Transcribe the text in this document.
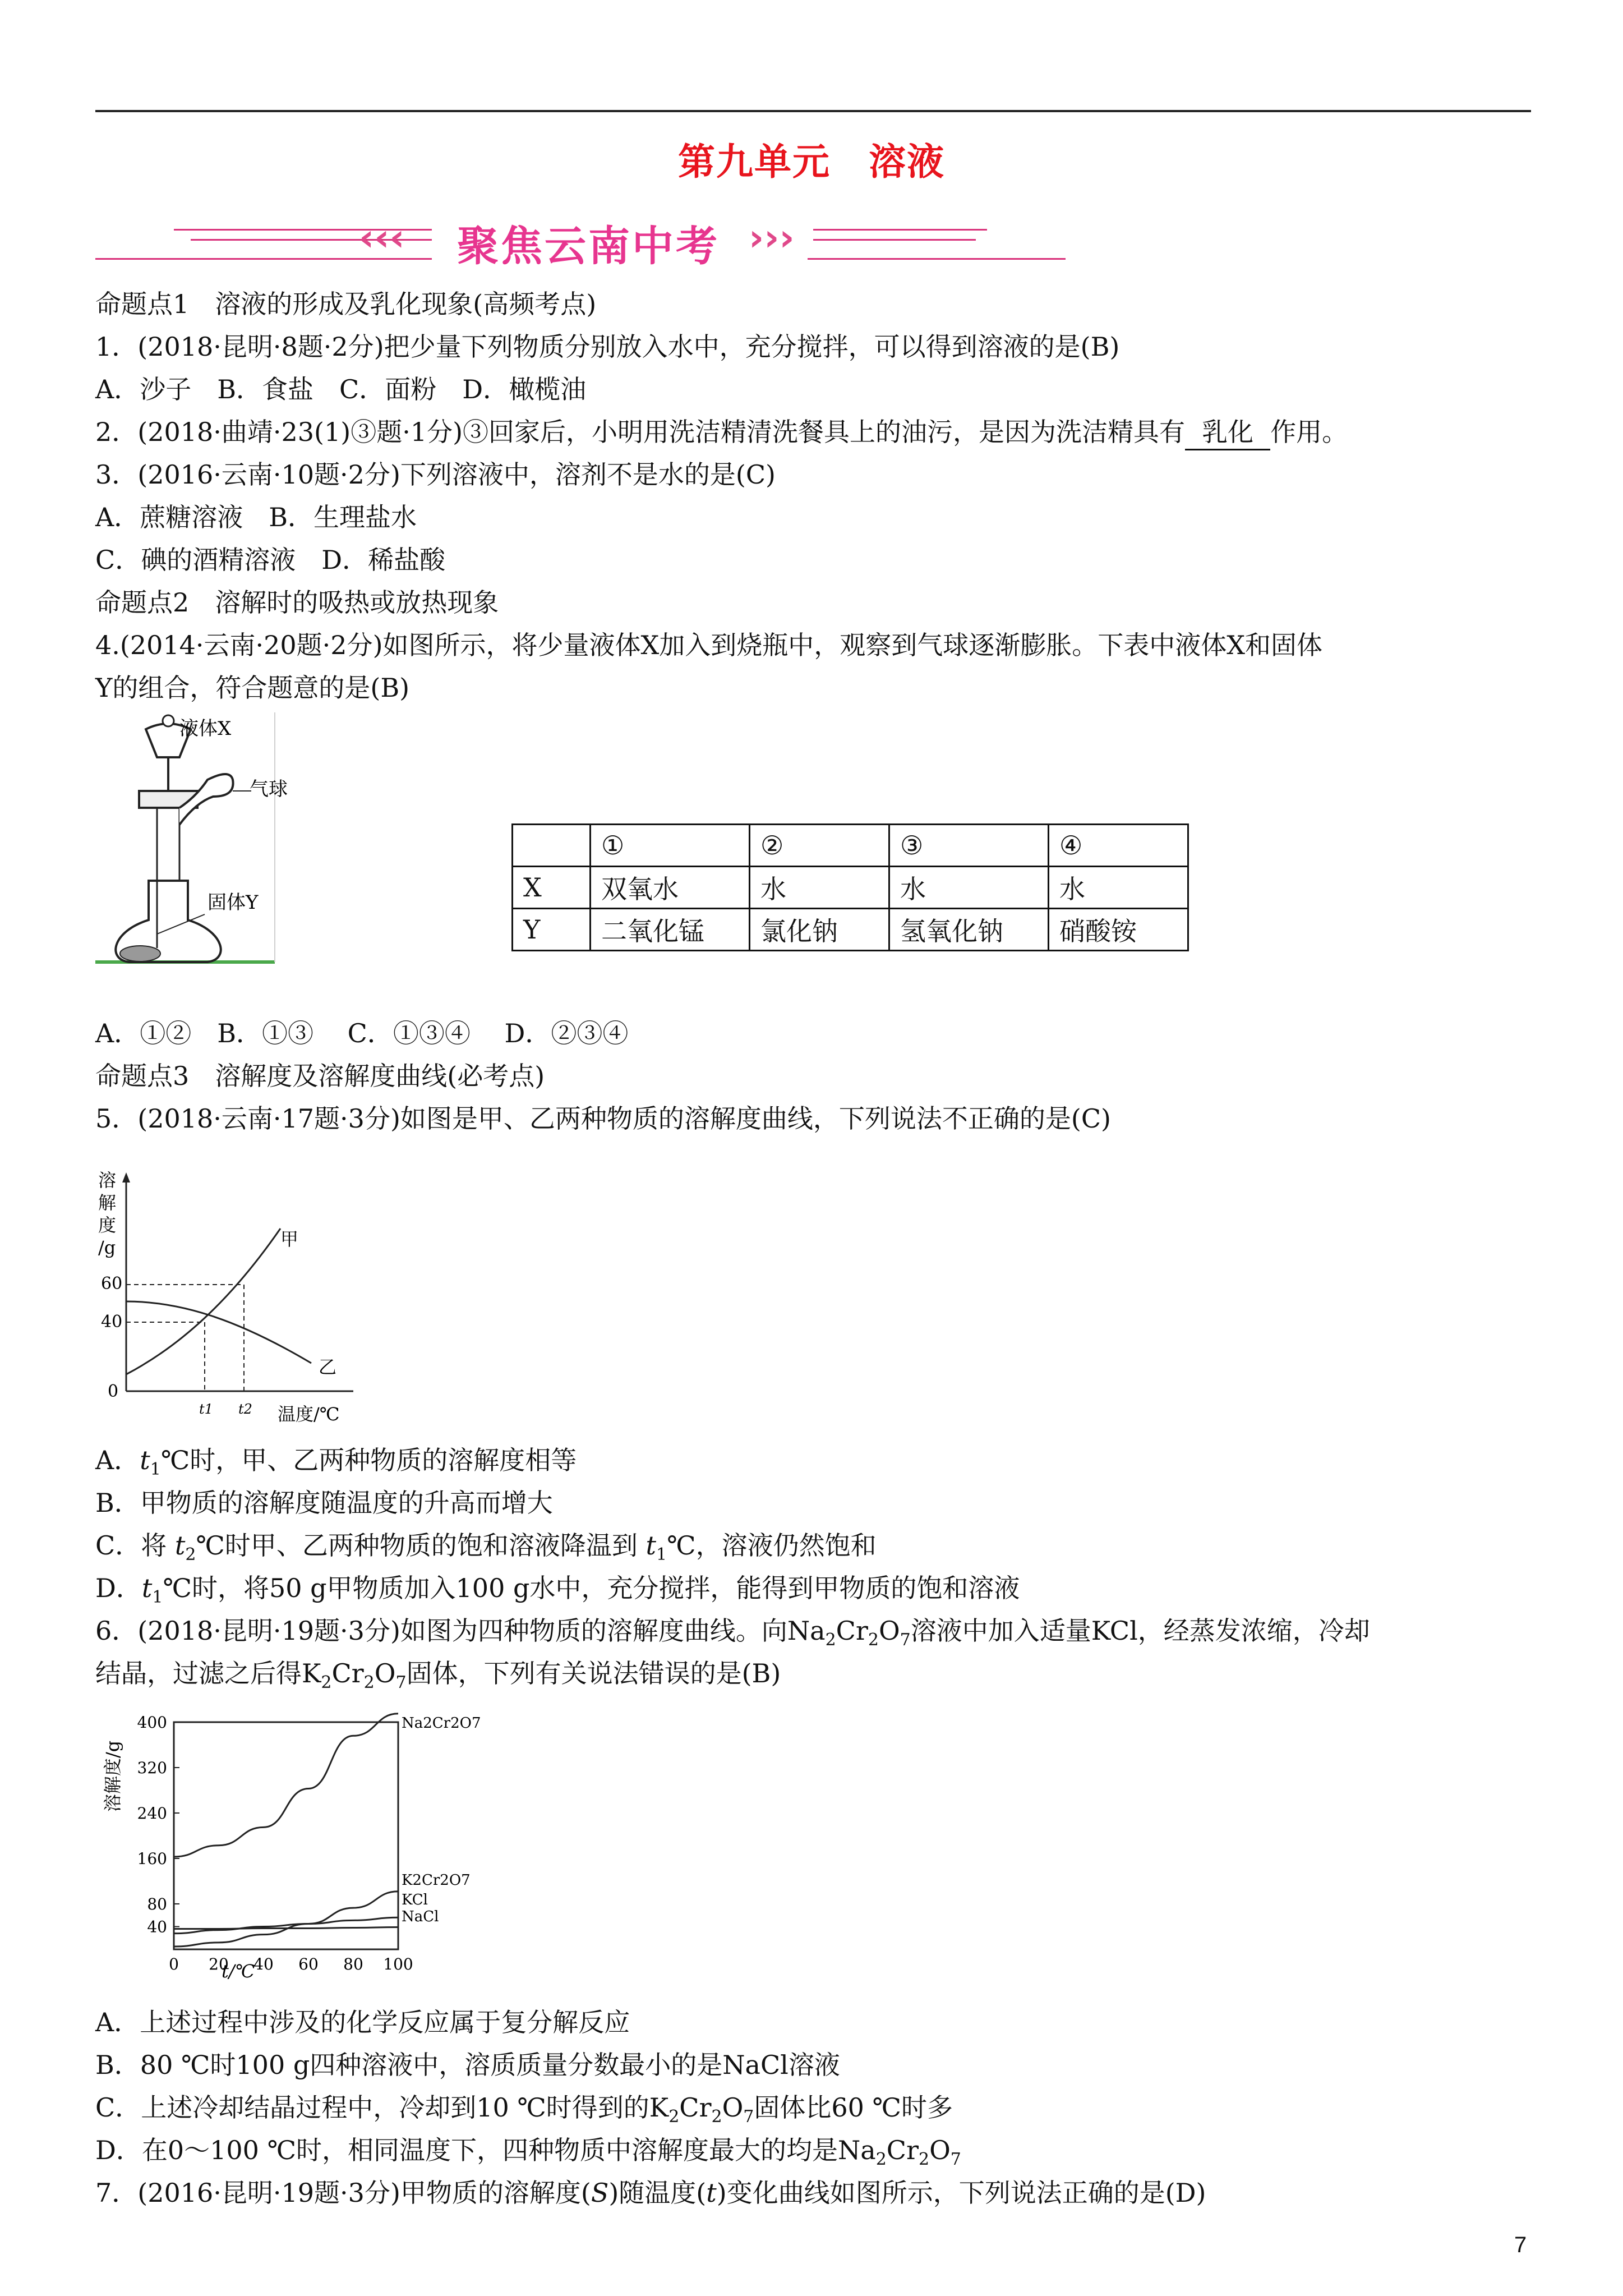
第九单元　溶液
‹‹‹ 聚焦云南中考 ›››
命题点1　溶液的形成及乳化现象(高频考点)
1．(2018·昆明·8题·2分)把少量下列物质分别放入水中，充分搅拌，可以得到溶液的是(B)
A．沙子　B．食盐　C．面粉　D．橄榄油
2．(2018·曲靖·23(1)③题·1分)③回家后，小明用洗洁精清洗餐具上的油污，是因为洗洁精具有 乳化 作用。
3．(2016·云南·10题·2分)下列溶液中，溶剂不是水的是(C)
A．蔗糖溶液　B．生理盐水
C．碘的酒精溶液　D．稀盐酸
命题点2　溶解时的吸热或放热现象
4.(2014·云南·20题·2分)如图所示，将少量液体X加入到烧瓶中，观察到气球逐渐膨胀。下表中液体X和固体
Y的组合，符合题意的是(B)
液体X
气球
固体Y
	①	②	③	④
X	双氧水	水	水	水
Y	二氧化锰	氯化钠	氢氧化钠	硝酸铵
A．①②　B．①③　 C．①③④　 D．②③④
命题点3　溶解度及溶解度曲线(必考点)
5．(2018·云南·17题·3分)如图是甲、乙两种物质的溶解度曲线，下列说法不正确的是(C)
溶
解
度
/g
60
40
0
t1 t2 温度/℃
甲
乙
A．$t_1℃$时，甲、乙两种物质的溶解度相等
B．甲物质的溶解度随温度的升高而增大
C．将 $t_2℃$时甲、乙两种物质的饱和溶液降温到 $t_1℃$，溶液仍然饱和
D．$t_1℃$时，将50 g甲物质加入100 g水中，充分搅拌，能得到甲物质的饱和溶液
6．(2018·昆明·19题·3分)如图为四种物质的溶解度曲线。向$Na_2Cr_2O_7$溶液中加入适量KCl，经蒸发浓缩，冷却
结晶，过滤之后得$K_2Cr_2O_7$固体，下列有关说法错误的是(B)
溶解度/g
400
320
240
160
80
40
0 20 40 60 80 100
Na2Cr2O7
K2Cr2O7
KCl
NaCl
t/℃
A．上述过程中涉及的化学反应属于复分解反应
B．80 ℃时100 g四种溶液中，溶质质量分数最小的是NaCl溶液
C．上述冷却结晶过程中，冷却到10 ℃时得到的$K_2Cr_2O_7$固体比60 ℃时多
D．在0～100 ℃时，相同温度下，四种物质中溶解度最大的均是$Na_2Cr_2O_7$
7．(2016·昆明·19题·3分)甲物质的溶解度(S)随温度(t)变化曲线如图所示，下列说法正确的是(D)
7
